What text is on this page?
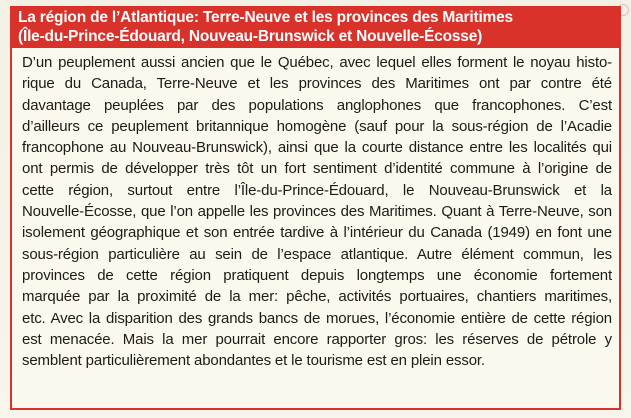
La région de l’Atlantique: Terre-Neuve et les provinces des Maritimes
(Île-du-Prince-Édouard, Nouveau-Brunswick et Nouvelle-Écosse)
D’un peuplement aussi ancien que le Québec, avec lequel elles forment le noyau histo-
rique du Canada, Terre-Neuve et les provinces des Maritimes ont par contre été
davantage peuplées par des populations anglophones que francophones. C’est
d’ailleurs ce peuplement britannique homogène (sauf pour la sous-région de l’Acadie
francophone au Nouveau-Brunswick), ainsi que la courte distance entre les localités qui
ont permis de développer très tôt un fort sentiment d’identité commune à l’origine de
cette région, surtout entre l’Île-du-Prince-Édouard, le Nouveau-Brunswick et la
Nouvelle-Écosse, que l’on appelle les provinces des Maritimes. Quant à Terre-Neuve, son
isolement géographique et son entrée tardive à l’intérieur du Canada (1949) en font une
sous-région particulière au sein de l’espace atlantique. Autre élément commun, les
provinces de cette région pratiquent depuis longtemps une économie fortement
marquée par la proximité de la mer: pêche, activités portuaires, chantiers maritimes,
etc. Avec la disparition des grands bancs de morues, l’économie entière de cette région
est menacée. Mais la mer pourrait encore rapporter gros: les réserves de pétrole y
semblent particulièrement abondantes et le tourisme est en plein essor.
